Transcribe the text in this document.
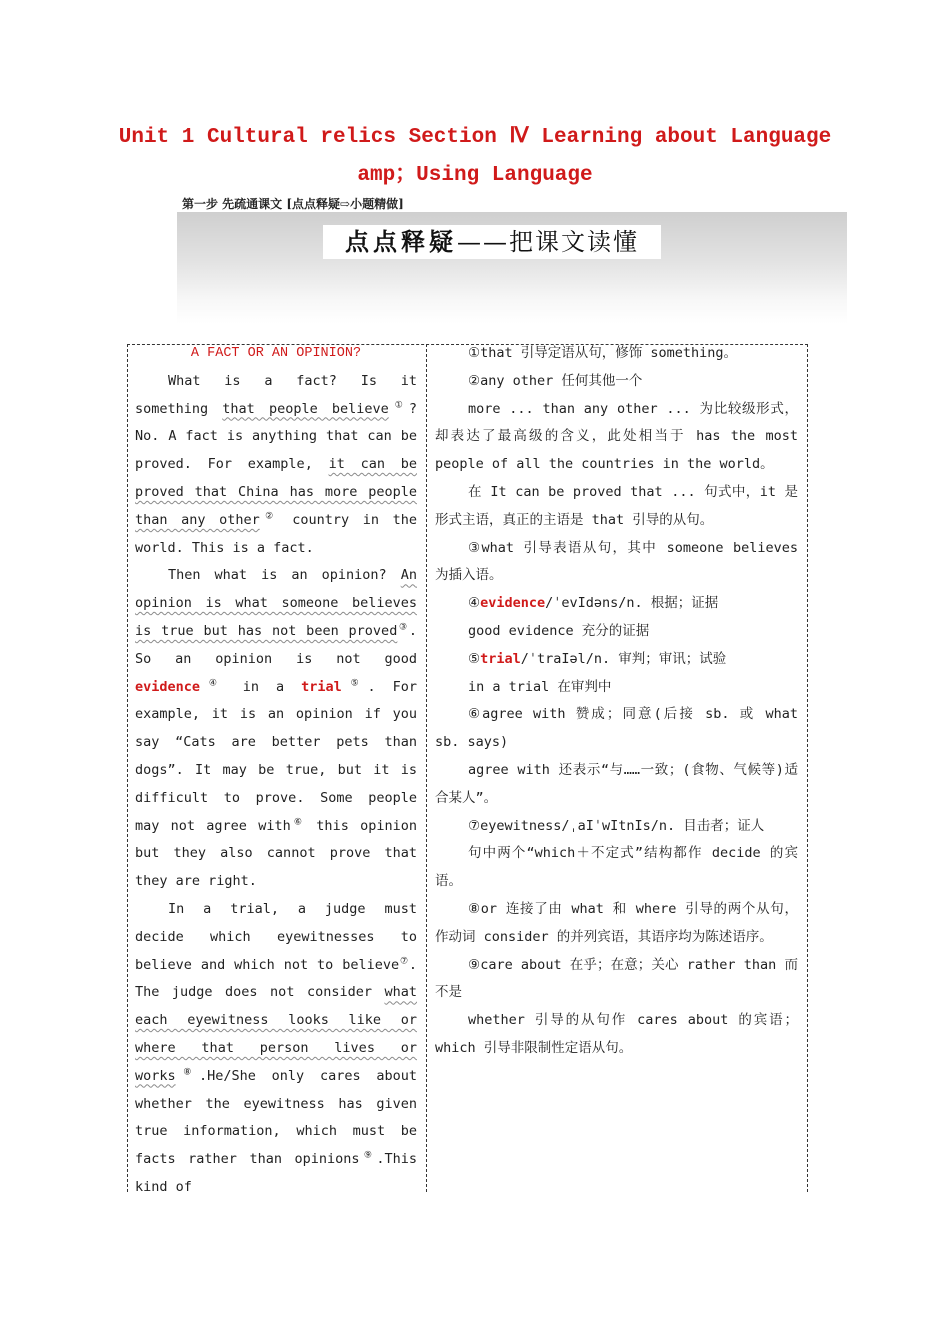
Unit 1 Cultural relics Section Ⅳ Learning about Language
amp；Using Language
第一步 先疏通课文 [点点释疑⇨小题精做]
点点释疑——把课文读懂

A FACT OR AN OPINION?

What is a fact? Is it something that people believe①? No. A fact is anything that can be proved. For example, it can be proved that China has more people than any other② country in the world. This is a fact.

Then what is an opinion? An opinion is what someone believes is true but has not been proved③. So an opinion is not good evidence④ in a trial⑤. For example, it is an opinion if you say “Cats are better pets than dogs”. It may be true, but it is difficult to prove. Some people may not agree with⑥ this opinion but they also cannot prove that they are right.

In a trial, a judge must decide which eyewitnesses to believe and which not to believe⑦. The judge does not consider what each eyewitness looks like or where that person lives or works⑧.He/She only cares about whether the eyewitness has given true information, which must be facts rather than opinions⑨.This kind of

①that 引导定语从句，修饰 something。

②any other 任何其他一个

more ... than any other ... 为比较级形式，却表达了最高级的含义，此处相当于 has the most people of all the countries in the world。

在 It can be proved that ... 句式中，it 是形式主语，真正的主语是 that 引导的从句。

③what 引导表语从句，其中 someone believes 为插入语。

④evidence/ˈevIdəns/n. 根据；证据

good evidence 充分的证据

⑤trial/ˈtraIəl/n. 审判；审讯；试验

in a trial 在审判中

⑥agree with 赞成；同意(后接 sb. 或 what sb. says)

agree with 还表示“与……一致；(食物、气候等)适合某人”。

⑦eyewitness/ˌaIˈwItnIs/n. 目击者；证人

句中两个“which＋不定式”结构都作 decide 的宾语。

⑧or 连接了由 what 和 where 引导的两个从句，作动词 consider 的并列宾语，其语序均为陈述语序。

⑨care about 在乎；在意；关心 rather than 而不是

whether 引导的从句作 cares about 的宾语；which 引导非限制性定语从句。
